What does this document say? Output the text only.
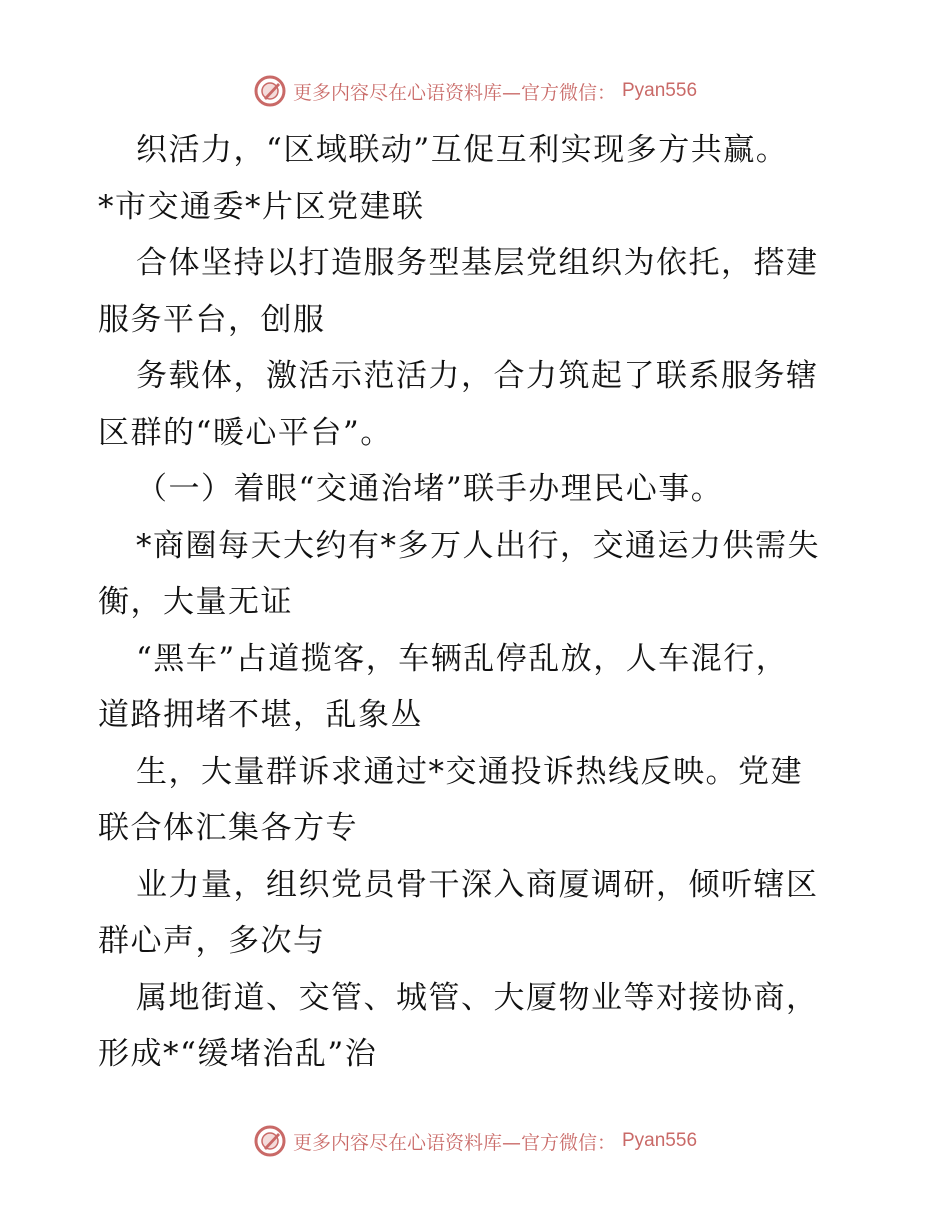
更多内容尽在心语资料库—官方微信： Pyan556
织活力，“区域联动”互促互利实现多方共赢。
*市交通委*片区党建联
合体坚持以打造服务型基层党组织为依托，搭建
服务平台，创服
务载体，激活示范活力，合力筑起了联系服务辖
区群的“暖心平台”。
（一）着眼“交通治堵”联手办理民心事。
*商圈每天大约有*多万人出行，交通运力供需失
衡，大量无证
“黑车”占道揽客，车辆乱停乱放，人车混行，
道路拥堵不堪，乱象丛
生，大量群诉求通过*交通投诉热线反映。党建
联合体汇集各方专
业力量，组织党员骨干深入商厦调研，倾听辖区
群心声，多次与
属地街道、交管、城管、大厦物业等对接协商，
形成*“缓堵治乱”治
更多内容尽在心语资料库—官方微信： Pyan556
